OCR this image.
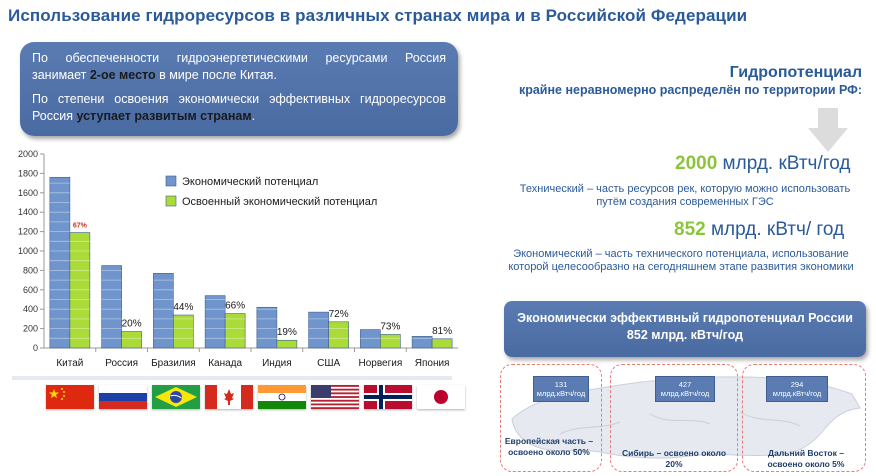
Использование гидроресурсов в различных странах мира и в Российской Федерации

По обеспеченности гидроэнергетическими ресурсами Россия занимает 2-ое место в мире после Китая.

По степени освоения экономически эффективных гидроресурсов Россия уступает развитым странам.

0
200
400
600
800
1000
1200
1400
1600
1800
2000
Китай
67%
Россия
20%
Бразилия
44%
Канада
66%
Индия
19%
США
72%
Норвегия
73%
Япония
81%
Экономический потенциал
Освоенный экономический потенциал
Гидропотенциал
крайне неравномерно распределён по территории РФ:
2000 млрд. кВтч/год
Технический – часть ресурсов рек, которую можно использовать путём создания современных ГЭС
852 млрд. кВтч/ год
Экономический – часть технического потенциала, использование которой целесообразно на сегодняшнем этапе развития экономики
Экономически эффективный гидропотенциал России
852 млрд. кВтч/год
131
млрд.кВтч/год
427
млрд.кВтч/год
294
млрд.кВтч/год
Европейская часть – освоено около 50%	Сибирь – освоено около 20%
Дальний Восток – освоено около 5%
